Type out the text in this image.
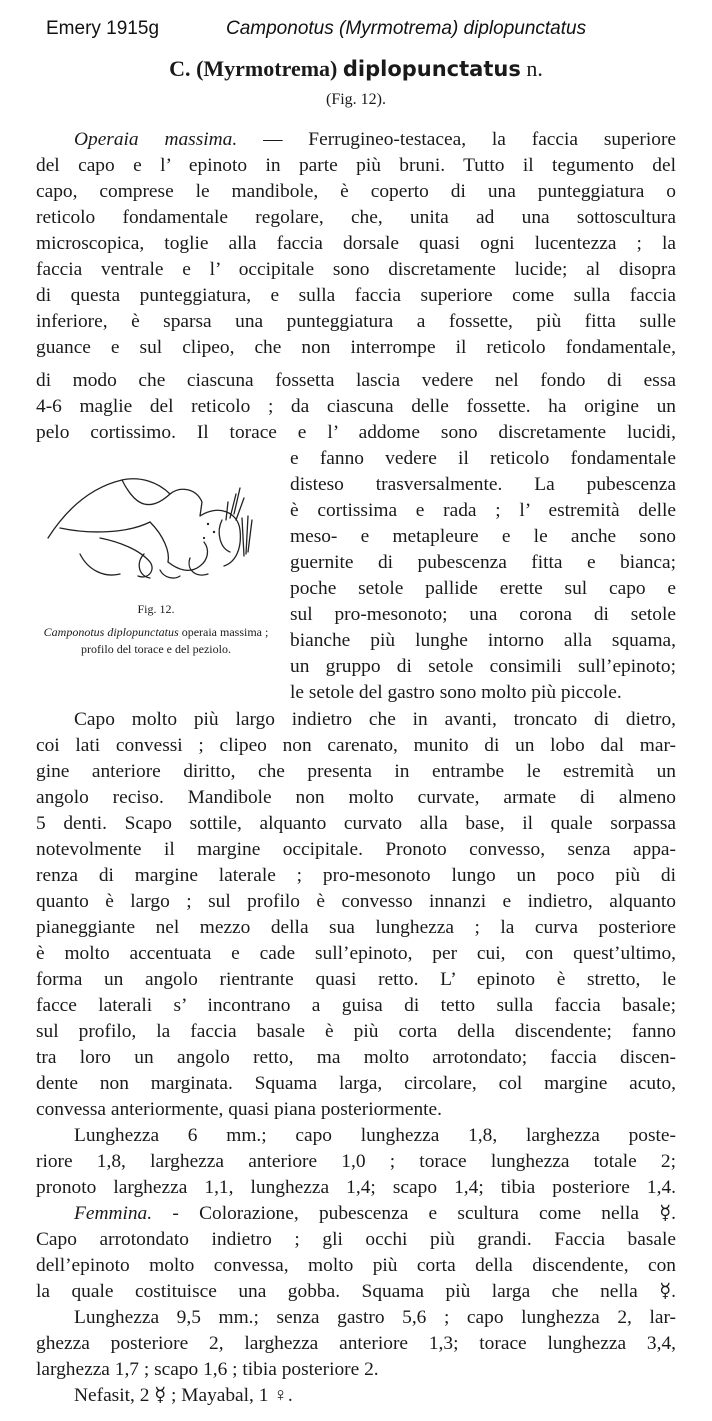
Emery 1915g	Camponotus (Myrmotrema) diplopunctatus
C. (Myrmotrema) diplopunctatus n.
(Fig. 12).
Operaia massima. — Ferrugineo-testacea, la faccia superiore
del capo e l’ epinoto in parte più bruni. Tutto il tegumento del
capo, comprese le mandibole, è coperto di una punteggiatura o
reticolo fondamentale regolare, che, unita ad una sottoscultura
microscopica, toglie alla faccia dorsale quasi ogni lucentezza ; la
faccia ventrale e l’ occipitale sono discretamente lucide; al disopra
di questa punteggiatura, e sulla faccia superiore come sulla faccia
inferiore, è sparsa una punteggiatura a fossette, più fitta sulle
guance e sul clipeo, che non interrompe il reticolo fondamentale,
di modo che ciascuna fossetta lascia vedere nel fondo di essa
4-6 maglie del reticolo ; da ciascuna delle fossette. ha origine un
pelo cortissimo. Il torace e l’ addome sono discretamente lucidi,
e fanno vedere il reticolo fondamentale
disteso trasversalmente. La pubescenza
è cortissima e rada ; l’ estremità delle
meso- e metapleure e le anche sono
guernite di pubescenza fitta e bianca;
poche setole pallide erette sul capo e
sul pro-mesonoto; una corona di setole
bianche più lunghe intorno alla squama,
un gruppo di setole consimili sull’epinoto;
le setole del gastro sono molto più piccole.
Fig. 12.
Camponotus diplopunctatus operaia massima ; profilo del torace e del peziolo.
Capo molto più largo indietro che in avanti, troncato di dietro,
coi lati convessi ; clipeo non carenato, munito di un lobo dal mar-
gine anteriore diritto, che presenta in entrambe le estremità un
angolo reciso. Mandibole non molto curvate, armate di almeno
5 denti. Scapo sottile, alquanto curvato alla base, il quale sorpassa
notevolmente il margine occipitale. Pronoto convesso, senza appa-
renza di margine laterale ; pro-mesonoto lungo un poco più di
quanto è largo ; sul profilo è convesso innanzi e indietro, alquanto
pianeggiante nel mezzo della sua lunghezza ; la curva posteriore
è molto accentuata e cade sull’epinoto, per cui, con quest’ultimo,
forma un angolo rientrante quasi retto. L’ epinoto è stretto, le
facce laterali s’ incontrano a guisa di tetto sulla faccia basale;
sul profilo, la faccia basale è più corta della discendente; fanno
tra loro un angolo retto, ma molto arrotondato; faccia discen-
dente non marginata. Squama larga, circolare, col margine acuto,
convessa anteriormente, quasi piana posteriormente.
Lunghezza 6 mm.; capo lunghezza 1,8, larghezza poste-
riore 1,8, larghezza anteriore 1,0 ; torace lunghezza totale 2;
pronoto larghezza 1,1, lunghezza 1,4; scapo 1,4; tibia posteriore 1,4.
Femmina. - Colorazione, pubescenza e scultura come nella ☿.
Capo arrotondato indietro ; gli occhi più grandi. Faccia basale
dell’epinoto molto convessa, molto più corta della discendente, con
la quale costituisce una gobba. Squama più larga che nella ☿.
Lunghezza 9,5 mm.; senza gastro 5,6 ; capo lunghezza 2, lar-
ghezza posteriore 2, larghezza anteriore 1,3; torace lunghezza 3,4,
larghezza 1,7 ; scapo 1,6 ; tibia posteriore 2.
Nefasit, 2 ☿ ; Mayabal, 1 ♀.
